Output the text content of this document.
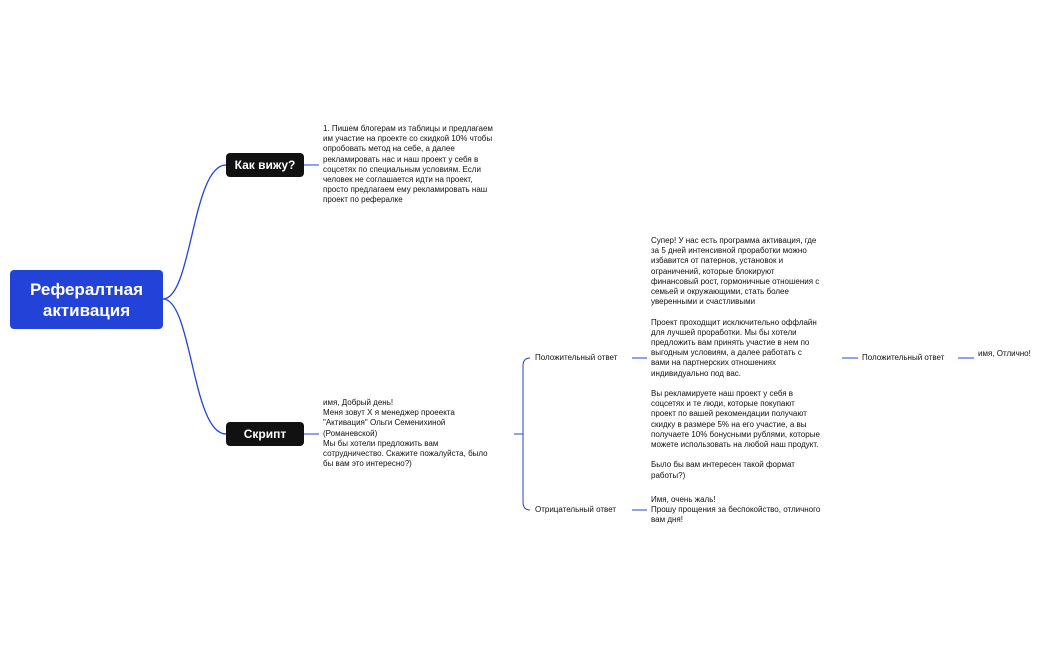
Рефералтная
активация
Как вижу?
1. Пишем блогерам из таблицы и предлагаем
им участие на проекте со скидкой 10% чтобы
опробовать метод на себе, а далее
рекламировать нас и наш проект у себя в
соцсетях по специальным условиям. Если
человек не соглашается идти на проект,
просто предлагаем ему рекламировать наш
проект по рефералке
Скрипт
имя, Добрый день!
Меня зовут Х я менеджер проеекта
"Активация" Ольги Семенихиной
(Романевской)
Мы бы хотели предложить вам
сотрудничество. Скажите пожалуйста, было
бы вам это интересно?)
Положительный ответ
Супер! У нас есть программа активация, где
за 5 дней интенсивной проработки можно
избавится от патернов, установок и
ограничений, которые блокируют
финансовый рост, гормоничные отношения с
семьей и окружающими, стать более
уверенными и счастливыми

Проект проходщит исключительно оффлайн
для лучшей проработки. Мы бы хотели
предложить вам принять участие в нем по
выгодным условиям, а далее работать с
вами на партнерских отношениях
индивидуально под вас.

Вы рекламируете наш проект у себя в
соцсетях и те люди, которые покупают
проект по вашей рекомендации получают
скидку в размере 5% на его участие, а вы
получаете 10% бонусными рублями, которые
можете использовать на любой наш продукт.

Было бы вам интересен такой формат
работы?)
Положительный ответ	имя, Отлично!
Отрицательный ответ
Имя, очень жаль!
Прошу прощения за беспокойство, отличного
вам дня!
